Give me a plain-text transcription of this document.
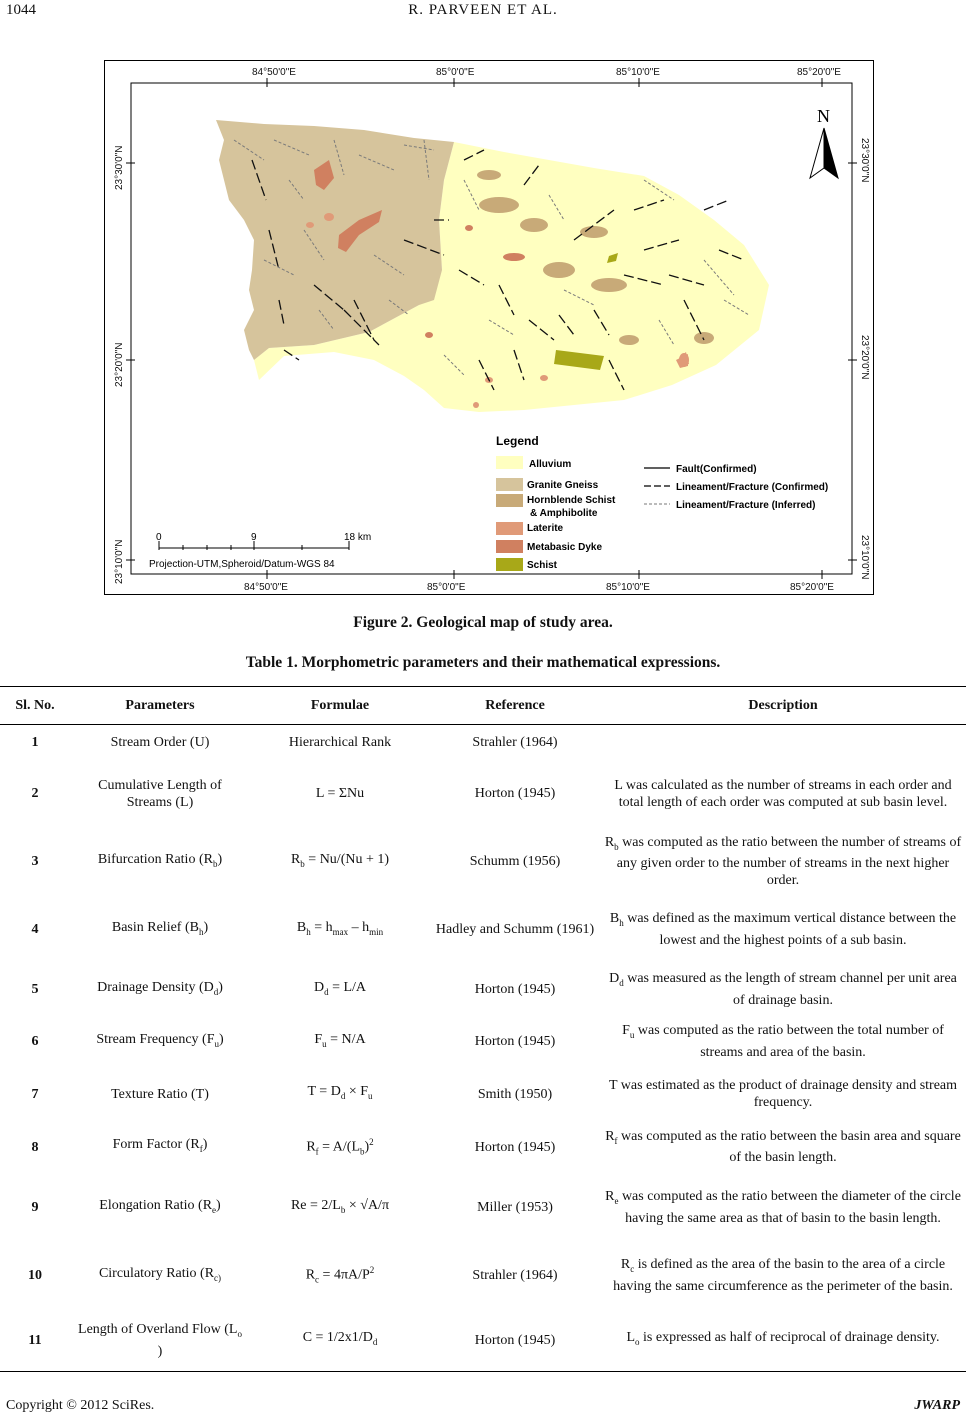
1044	R. PARVEEN ET AL.
84°50'0"E	85°0'0"E	85°10'0"E	85°20'0"E
84°50'0"E	85°0'0"E	85°10'0"E	85°20'0"E
23°30'0"N
23°20'0"N
23°10'0"N
23°30'0"N
23°20'0"N
23°10'0"N
N
0	9	18 km
Projection-UTM,Spheroid/Datum-WGS 84
Legend
Alluvium
Granite Gneiss
Hornblende Schist
& Amphibolite
Laterite
Metabasic Dyke
Schist
Fault(Confirmed)
Lineament/Fracture (Confirmed)
Lineament/Fracture (Inferred)
Figure 2. Geological map of study area.
Table 1. Morphometric parameters and their mathematical expressions.
Sl. No.	Parameters	Formulae	Reference	Description
1	Stream Order (U)	Hierarchical Rank	Strahler (1964)	
2	Cumulative Length of Streams (L)	L = ΣNu	Horton (1945)	L was calculated as the number of streams in each order and total length of each order was computed at sub basin level.
3	Bifurcation Ratio $(R_b)$	$R_b = Nu/(Nu + 1)$	Schumm (1956)	$R_b$ was computed as the ratio between the number of streams of any given order to the number of streams in the next higher order.
4	Basin Relief $(B_h)$	$B_h = h_{max} - h_{min}$	Hadley and Schumm (1961)	$B_h$ was defined as the maximum vertical distance between the lowest and the highest points of a sub basin.
5	Drainage Density $(D_d)$	$D_d = L/A$	Horton (1945)	$D_d$ was measured as the length of stream channel per unit area of drainage basin.
6	Stream Frequency $(F_u)$	$F_u = N/A$	Horton (1945)	$F_u$ was computed as the ratio between the total number of streams and area of the basin.
7	Texture Ratio (T)	$T = D_d \times F_u$	Smith (1950)	T was estimated as the product of drainage density and stream frequency.
8	Form Factor $(R_f)$	$R_f = A/(L_b)^2$	Horton (1945)	$R_f$ was computed as the ratio between the basin area and square of the basin length.
9	Elongation Ratio $(R_e)$	$Re = 2/L_b \times √A/\pi$	Miller (1953)	$R_e$ was computed as the ratio between the diameter of the circle having the same area as that of basin to the basin length.
10	Circulatory Ratio ($R_{c)}$	$R_c = 4\pi A/P^2$	Strahler (1964)	$R_c$ is defined as the area of the basin to the area of a circle having the same circumference as the perimeter of the basin.
11	Length of Overland Flow ($L_o$ )	$C = 1/2x1/D_d$	Horton (1945)	$L_o$ is expressed as half of reciprocal of drainage density.
Copyright © 2012 SciRes.	JWARP
